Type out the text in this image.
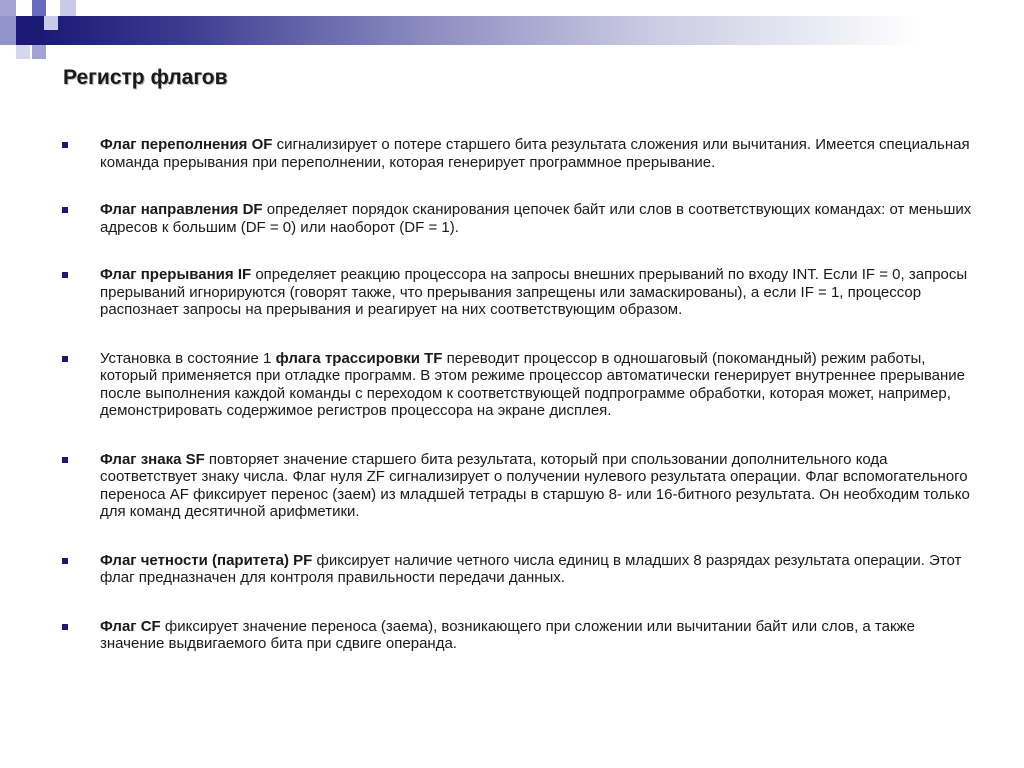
Регистр флагов
Флаг переполнения OF сигнализирует о потере старшего бита результата сложения или вычитания. Имеется специальная команда прерывания при переполнении, которая генерирует программное прерывание.
Флаг направления DF определяет порядок сканирования цепочек байт или слов в соответствующих командах: от меньших адресов к большим (DF = 0) или наоборот (DF = 1).
Флаг прерывания IF определяет реакцию процессора на запросы внешних прерываний по входу INT. Если IF = 0, запросы прерываний игнорируются (говорят также, что прерывания запрещены или замаскированы), а если IF = 1, процессор распознает запросы на прерывания и реагирует на них соответствующим образом.
Установка в состояние 1 флага трассировки TF переводит процессор в одношаговый (покомандный) режим работы, который применяется при отладке программ. В этом режиме процессор автоматически генерирует внутреннее прерывание после выполнения каждой команды с переходом к соответствующей подпрограмме обработки, которая может, например, демонстрировать содержимое регистров процессора на экране дисплея.
Флаг знака SF повторяет значение старшего бита результата, который при спользовании дополнительного кода соответствует знаку числа. Флаг нуля ZF сигнализирует о получении нулевого результата операции. Флаг вспомогательного переноса AF фиксирует перенос (заем) из младшей тетрады в старшую 8- или 16-битного результата. Он необходим только для команд десятичной арифметики.
Флаг четности (паритета) PF фиксирует наличие четного числа единиц в младших 8 разрядах результата операции. Этот флаг предназначен для контроля правильности передачи данных.
Флаг CF фиксирует значение переноса (заема), возникающего при сложении или вычитании байт или слов, а также значение выдвигаемого бита при сдвиге операнда.
